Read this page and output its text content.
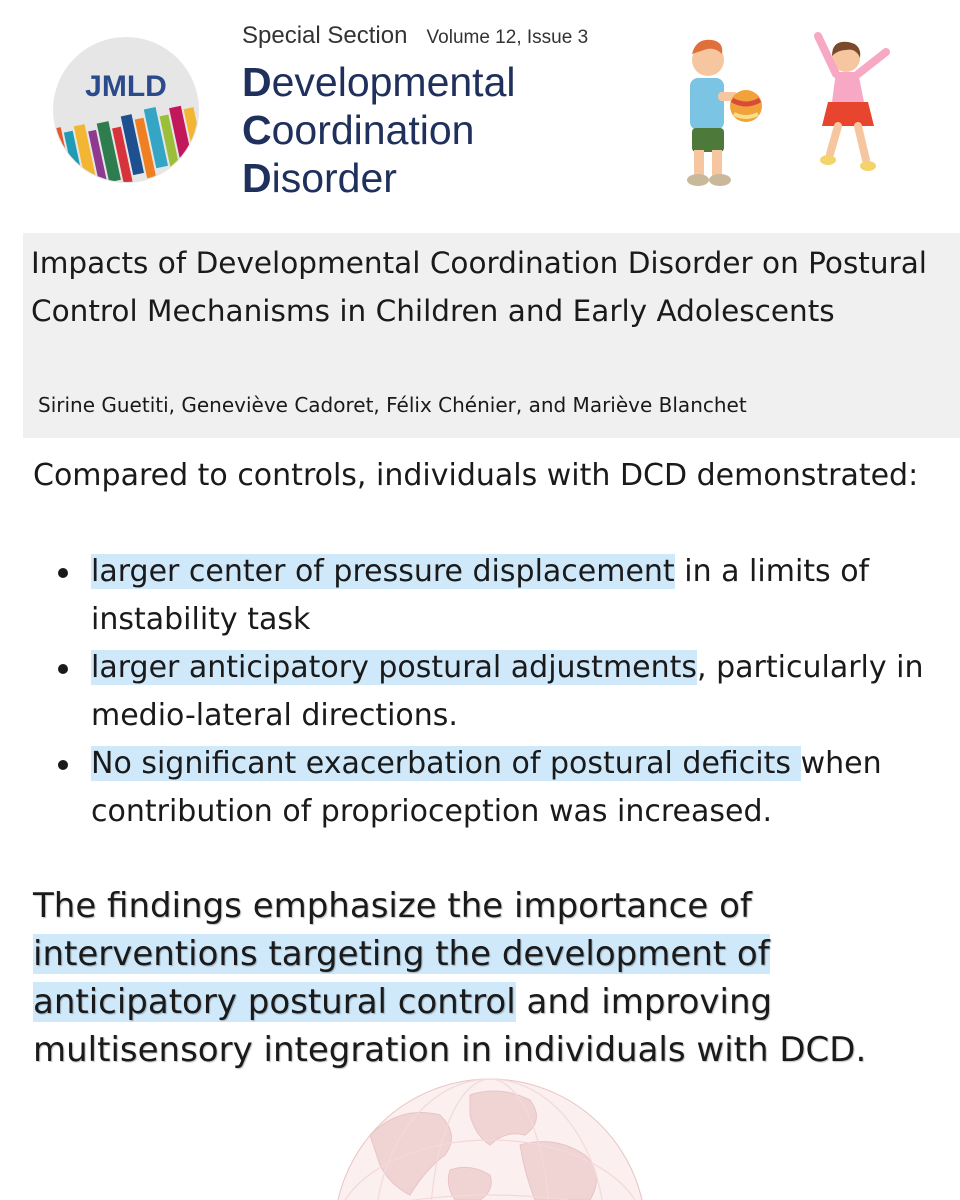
JMLD
Special Section Volume 12, Issue 3
Developmental
Coordination
Disorder
Impacts of Developmental Coordination Disorder on Postural Control Mechanisms in Children and Early Adolescents
Sirine Guetiti, Geneviève Cadoret, Félix Chénier, and Mariève Blanchet
Compared to controls, individuals with DCD demonstrated:
larger center of pressure displacement in a limits of instability task
larger anticipatory postural adjustments, particularly in medio-lateral directions.
No significant exacerbation of postural deficits when contribution of proprioception was increased.
The findings emphasize the importance of interventions targeting the development of anticipatory postural control and improving multisensory integration in individuals with DCD.
